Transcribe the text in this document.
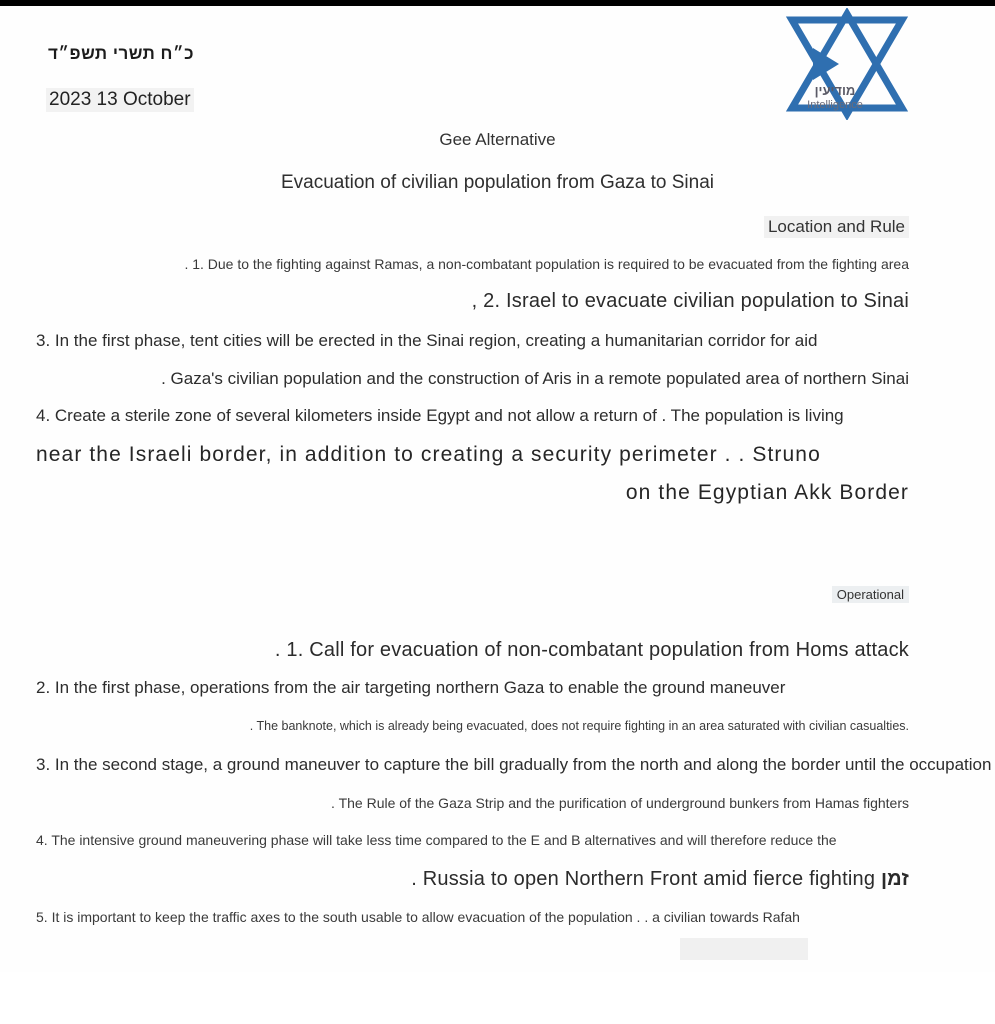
כ״ח תשרי תשפ״ד
2023 13 October	מודיעין
Intelligence
Gee Alternative
Evacuation of civilian population from Gaza to Sinai
Location and Rule
. 1. Due to the fighting against Ramas, a non-combatant population is required to be evacuated from the fighting area
, 2. Israel to evacuate civilian population to Sinai
3. In the first phase, tent cities will be erected in the Sinai region, creating a humanitarian corridor for aid
. Gaza's civilian population and the construction of Aris in a remote populated area of northern Sinai
4. Create a sterile zone of several kilometers inside Egypt and not allow a return of . The population is living
near the Israeli border, in addition to creating a security perimeter . . Struno
on the Egyptian Akk Border
Operational
. 1. Call for evacuation of non-combatant population from Homs attack
2. In the first phase, operations from the air targeting northern Gaza to enable the ground maneuver
. The banknote, which is already being evacuated, does not require fighting in an area saturated with civilian casualties.
3. In the second stage, a ground maneuver to capture the bill gradually from the north and along the border until the occupation
. The Rule of the Gaza Strip and the purification of underground bunkers from Hamas fighters
4. The intensive ground maneuvering phase will take less time compared to the E and B alternatives and will therefore reduce the
. Russia to open Northern Front amid fierce fighting זמן
5. It is important to keep the traffic axes to the south usable to allow evacuation of the population . . a civilian towards Rafah
